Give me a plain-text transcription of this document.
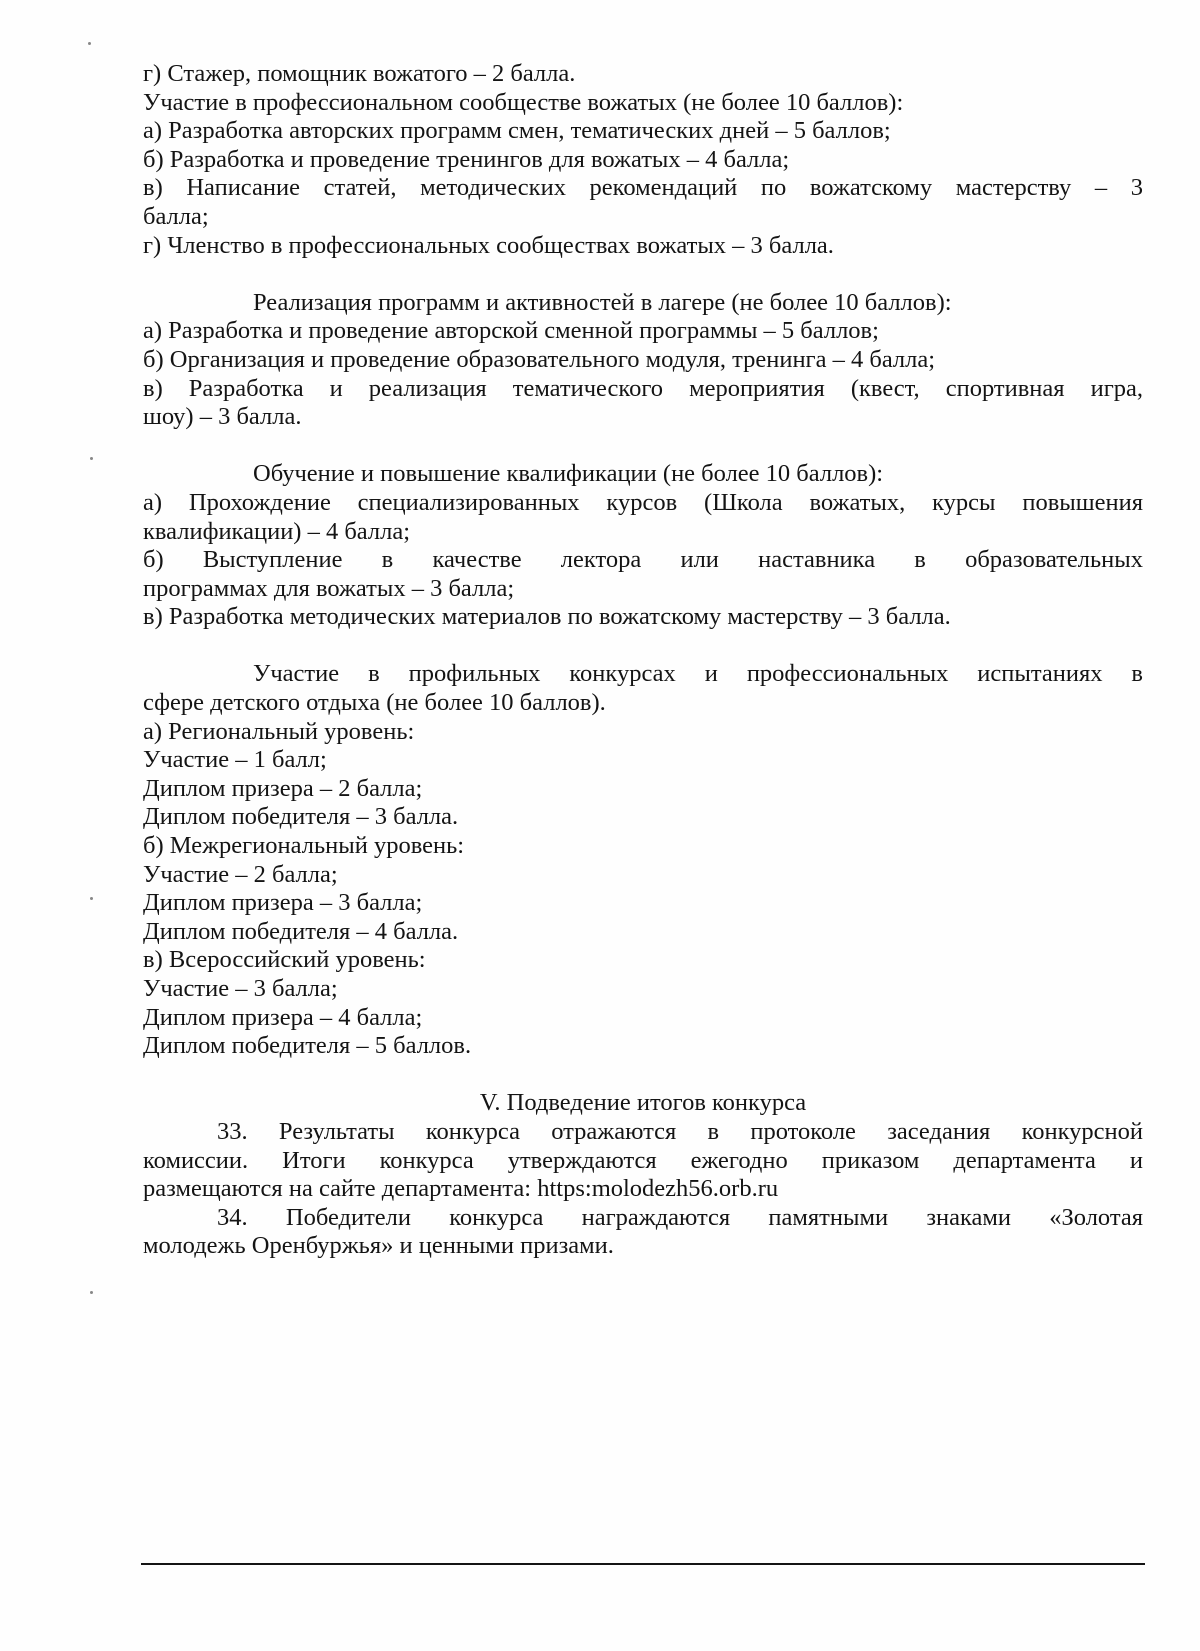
г) Стажер, помощник вожатого – 2 балла.

Участие в профессиональном сообществе вожатых (не более 10 баллов):

а) Разработка авторских программ смен, тематических дней – 5 баллов;

б) Разработка и проведение тренингов для вожатых – 4 балла;

в) Написание статей, методических рекомендаций по вожатскому мастерству – 3

балла;

г) Членство в профессиональных сообществах вожатых – 3 балла.

Реализация программ и активностей в лагере (не более 10 баллов):

а) Разработка и проведение авторской сменной программы – 5 баллов;

б) Организация и проведение образовательного модуля, тренинга – 4 балла;

в) Разработка и реализация тематического мероприятия (квест, спортивная игра,

шоу) – 3 балла.

Обучение и повышение квалификации (не более 10 баллов):

а) Прохождение специализированных курсов (Школа вожатых, курсы повышения

квалификации) – 4 балла;

б) Выступление в качестве лектора или наставника в образовательных

программах для вожатых – 3 балла;

в) Разработка методических материалов по вожатскому мастерству – 3 балла.

Участие в профильных конкурсах и профессиональных испытаниях в

сфере детского отдыха (не более 10 баллов).

а) Региональный уровень:

Участие – 1 балл;

Диплом призера – 2 балла;

Диплом победителя – 3 балла.

б) Межрегиональный уровень:

Участие – 2 балла;

Диплом призера – 3 балла;

Диплом победителя – 4 балла.

в) Всероссийский уровень:

Участие – 3 балла;

Диплом призера – 4 балла;

Диплом победителя – 5 баллов.

V. Подведение итогов конкурса

33. Результаты конкурса отражаются в протоколе заседания конкурсной

комиссии. Итоги конкурса утверждаются ежегодно приказом департамента и

размещаются на сайте департамента: https:molodezh56.orb.ru

34. Победители конкурса награждаются памятными знаками «Золотая

молодежь Оренбуржья» и ценными призами.
